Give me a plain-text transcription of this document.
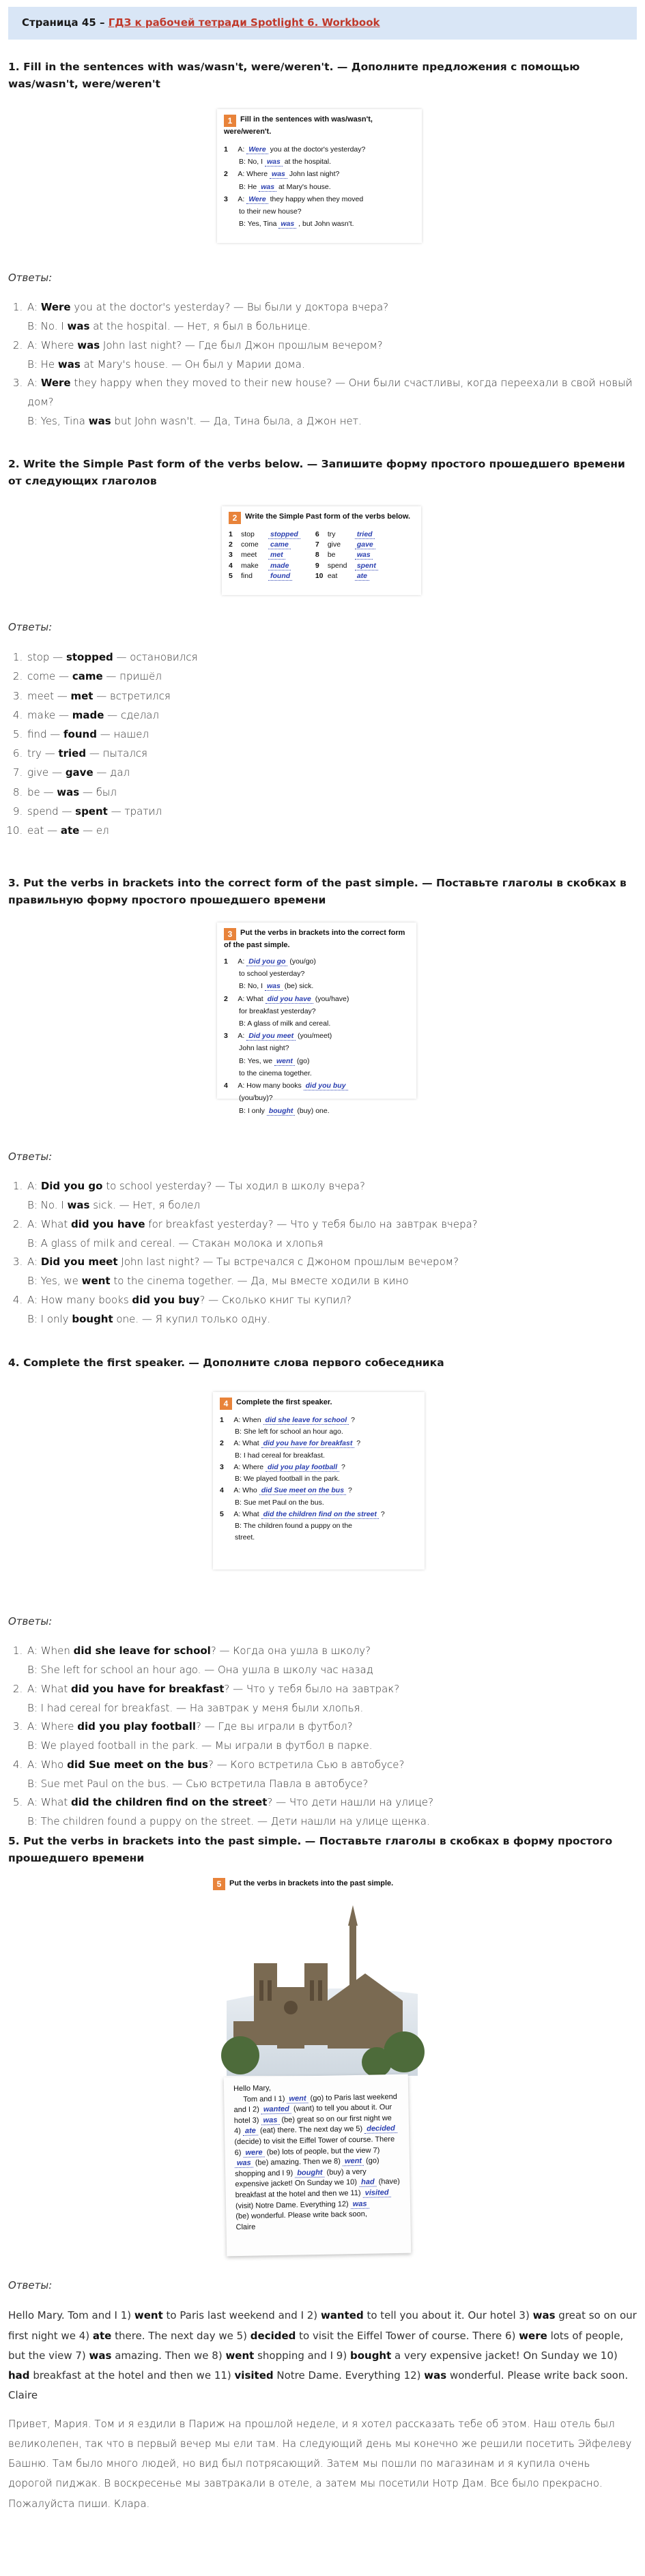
Страница 45 – ГДЗ к рабочей тетради Spotlight 6. Workbook
1. Fill in the sentences with was/wasn't, were/weren't. — Дополните предложения с помощью was/wasn't, were/weren't
1 Fill in the sentences with was/wasn't, were/weren't.
1 A: Were you at the doctor's yesterday?
B: No, I was at the hospital.
2 A: Where was John last night?
B: He was at Mary's house.
3 A: Were they happy when they moved
to their new house?
B: Yes, Tina was , but John wasn't.
Ответы:
1. A: Were you at the doctor's yesterday? — Вы были у доктора вчера?
B: No. I was at the hospital. — Нет, я был в больнице.
2. A: Where was John last night? — Где был Джон прошлым вечером?
B: He was at Mary's house. — Он был у Марии дома.
3. A: Were they happy when they moved to their new house? — Они были счастливы, когда переехали в свой новый дом?
B: Yes, Tina was but John wasn't. — Да, Тина была, а Джон нет.
2. Write the Simple Past form of the verbs below. — Запишите форму простого прошедшего времени от следующих глаголов
2 Write the Simple Past form of the verbs below.
1 stop stopped
2 come came
3 meet met
4 make made
5 find found
6 try	tried
7 give gave
8 be	was
9 spend spent
10 eat	ate
Ответы:
1. stop — stopped — остановился
2. come — came — пришёл
3. meet — met — встретился
4. make — made — сделал
5. find — found — нашел
6. try — tried — пытался
7. give — gave — дал
8. be — was — был
9. spend — spent — тратил
10. eat — ate — ел
3. Put the verbs in brackets into the correct form of the past simple. — Поставьте глаголы в скобках в правильную форму простого прошедшего времени
3 Put the verbs in brackets into the correct form of the past simple.
1 A: Did you go (you/go)
to school yesterday?
B: No, I was (be) sick.
2 A: What did you have (you/have)
for breakfast yesterday?
B: A glass of milk and cereal.
3 A: Did you meet (you/meet)
John last night?
B: Yes, we went (go)
to the cinema together.
4 A: How many books did you buy
(you/buy)?
B: I only bought (buy) one.
Ответы:
1. A: Did you go to school yesterday? — Ты ходил в школу вчера?
B: No. I was sick. — Нет, я болел
2. A: What did you have for breakfast yesterday? — Что у тебя было на завтрак вчера?
B: A glass of milk and cereal. — Стакан молока и хлопья
3. A: Did you meet John last night? — Ты встречался с Джоном прошлым вечером?
B: Yes, we went to the cinema together. — Да, мы вместе ходили в кино
4. A: How many books did you buy? — Сколько книг ты купил?
B: I only bought one. — Я купил только одну.
4. Complete the first speaker. — Дополните слова первого собеседника
4 Complete the first speaker.
1 A: When did she leave for school ?
B: She left for school an hour ago.
2 A: What did you have for breakfast ?
B: I had cereal for breakfast.
3 A: Where did you play football ?
B: We played football in the park.
4 A: Who did Sue meet on the bus ?
B: Sue met Paul on the bus.
5 A: What did the children find on the street ?
B: The children found a puppy on the
street.
Ответы:
1. A: When did she leave for school? — Когда она ушла в школу?
B: She left for school an hour ago. — Она ушла в школу час назад
2. A: What did you have for breakfast? — Что у тебя было на завтрак?
B: I had cereal for breakfast. — На завтрак у меня были хлопья.
3. A: Where did you play football? — Где вы играли в футбол?
B: We played football in the park. — Мы играли в футбол в парке.
4. A: Who did Sue meet on the bus? — Кого встретила Сью в автобусе?
B: Sue met Paul on the bus. — Сью встретила Павла в автобусе?
5. A: What did the children find on the street? — Что дети нашли на улице?
B: The children found a puppy on the street. — Дети нашли на улице щенка.
5. Put the verbs in brackets into the past simple. — Поставьте глаголы в скобках в форму простого прошедшего времени
5 Put the verbs in brackets into the past simple.
Hello Mary,
Tom and I 1) went (go) to Paris last weekend and I 2) wanted (want) to tell you about it. Our hotel 3) was (be) great so on our first night we 4) ate (eat) there. The next day we 5) decided (decide) to visit the Eiffel Tower of course. There 6) were (be) lots of people, but the view 7) was (be) amazing. Then we 8) went (go) shopping and I 9) bought (buy) a very expensive jacket! On Sunday we 10) had (have) breakfast at the hotel and then we 11) visited (visit) Notre Dame. Everything 12) was
(be) wonderful. Please write back soon,
Claire
Ответы:
Hello Mary. Tom and I 1) went to Paris last weekend and I 2) wanted to tell you about it. Our hotel 3) was great so on our first night we 4) ate there. The next day we 5) decided to visit the Eiffel Tower of course. There 6) were lots of people, but the view 7) was amazing. Then we 8) went shopping and I 9) bought a very expensive jacket! On Sunday we 10) had breakfast at the hotel and then we 11) visited Notre Dame. Everything 12) was wonderful. Please write back soon. Claire
Привет, Мария. Том и я ездили в Париж на прошлой неделе, и я хотел рассказать тебе об этом. Наш отель был великолепен, так что в первый вечер мы ели там. На следующий день мы конечно же решили посетить Эйфелеву Башню. Там было много людей, но вид был потрясающий. Затем мы пошли по магазинам и я купила очень дорогой пиджак. В воскресенье мы завтракали в отеле, а затем мы посетили Нотр Дам. Все было прекрасно. Пожалуйста пиши. Клара.
